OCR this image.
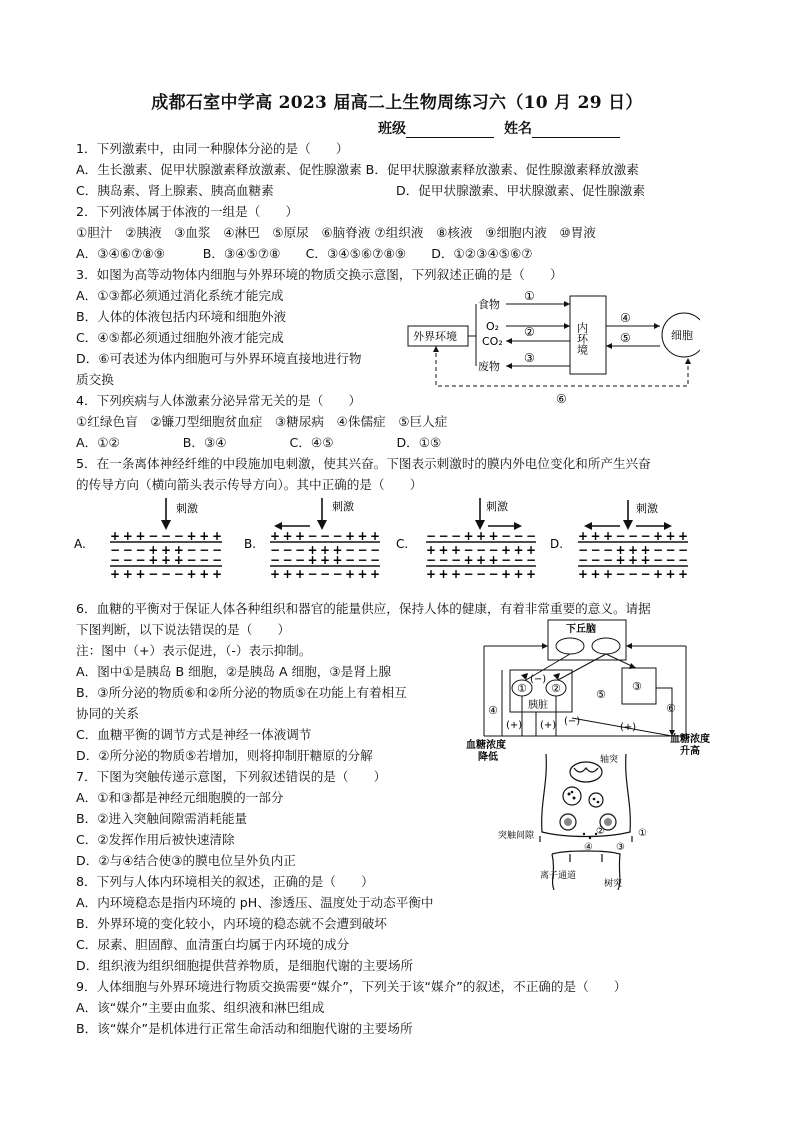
成都石室中学高 2023 届高二上生物周练习六（10 月 29 日）
班级	姓名
1．下列激素中，由同一种腺体分泌的是（　　）
A．生长激素、促甲状腺激素释放激素、促性腺激素 B．促甲状腺激素释放激素、促性腺激素释放激素
C．胰岛素、肾上腺素、胰高血糖素	D．促甲状腺激素、甲状腺激素、促性腺激素
2．下列液体属于体液的一组是（　　）
①胆汁　②胰液　③血浆　④淋巴　⑤原尿　⑥脑脊液 ⑦组织液　⑧核液　⑨细胞内液　⑩胃液
A．③④⑥⑦⑧⑨　　　B．③④⑤⑦⑧　　C．③④⑤⑥⑦⑧⑨　　D．①②③④⑤⑥⑦
3．如图为高等动物体内细胞与外界环境的物质交换示意图，下列叙述正确的是（　　）
A．①③都必须通过消化系统才能完成
B．人体的体液包括内环境和细胞外液
C．④⑤都必须通过细胞外液才能完成
D．⑥可表述为体内细胞可与外界环境直接地进行物
质交换
4．下列疾病与人体激素分泌异常无关的是（　　）
①红绿色盲　②镰刀型细胞贫血症　③糖尿病　④侏儒症　⑤巨人症
A．①②　　　　　B．③④　　　　　C．④⑤　　　　　D．①⑤
5．在一条离体神经纤维的中段施加电刺激，使其兴奋。下图表示刺激时的膜内外电位变化和所产生兴奋
的传导方向（横向箭头表示传导方向）。其中正确的是（　　）
6．血糖的平衡对于保证人体各种组织和器官的能量供应，保持人体的健康，有着非常重要的意义。请据
下图判断，以下说法错误的是（　　）
注：图中（+）表示促进，（-）表示抑制。
A．图中①是胰岛 B 细胞，②是胰岛 A 细胞，③是肾上腺
B．③所分泌的物质⑥和②所分泌的物质⑤在功能上有着相互
协同的关系
C．血糖平衡的调节方式是神经一体液调节
D．②所分泌的物质⑤若增加，则将抑制肝糖原的分解
7．下图为突触传递示意图，下列叙述错误的是（　　）
A．①和③都是神经元细胞膜的一部分
B．②进入突触间隙需消耗能量
C．②发挥作用后被快速清除
D．②与④结合使③的膜电位呈外负内正
8．下列与人体内环境相关的叙述，正确的是（　　）
A．内环境稳态是指内环境的 pH、渗透压、温度处于动态平衡中
B．外界环境的变化较小，内环境的稳态就不会遭到破坏
C．尿素、胆固醇、血清蛋白均属于内环境的成分
D．组织液为组织细胞提供营养物质，是细胞代谢的主要场所
9．人体细胞与外界环境进行物质交换需要“媒介”，下列关于该“媒介”的叙述，不正确的是（　　）
A．该“媒介”主要由血浆、组织液和淋巴组成
B．该“媒介”是机体进行正常生命活动和细胞代谢的主要场所
食物
O₂
CO₂
废物
外界环境	内环境	细胞
①
②
③
④
⑤
⑥
A.	B.	C.	D.
刺激	刺激	刺激	刺激
+++−−−+++
−−−+++−−−
−−−+++−−−
+++−−−+++
+++−−−+++
−−−+++−−−
−−−+++−−−
+++−−−+++
−−−+++−−−
+++−−−+++
−−−+++−−−
+++−−−+++
+++−−−+++
−−−+++−−−
−−−+++−−−
+++−−−+++
下丘脑
胰脏
① ②	③
④
⑤
⑥
(−)
(+) (+) (−)
(+)
血糖浓度
降低
血糖浓度
升高
轴突
突触间隙
离子通道
树突
②	①
④ ③
